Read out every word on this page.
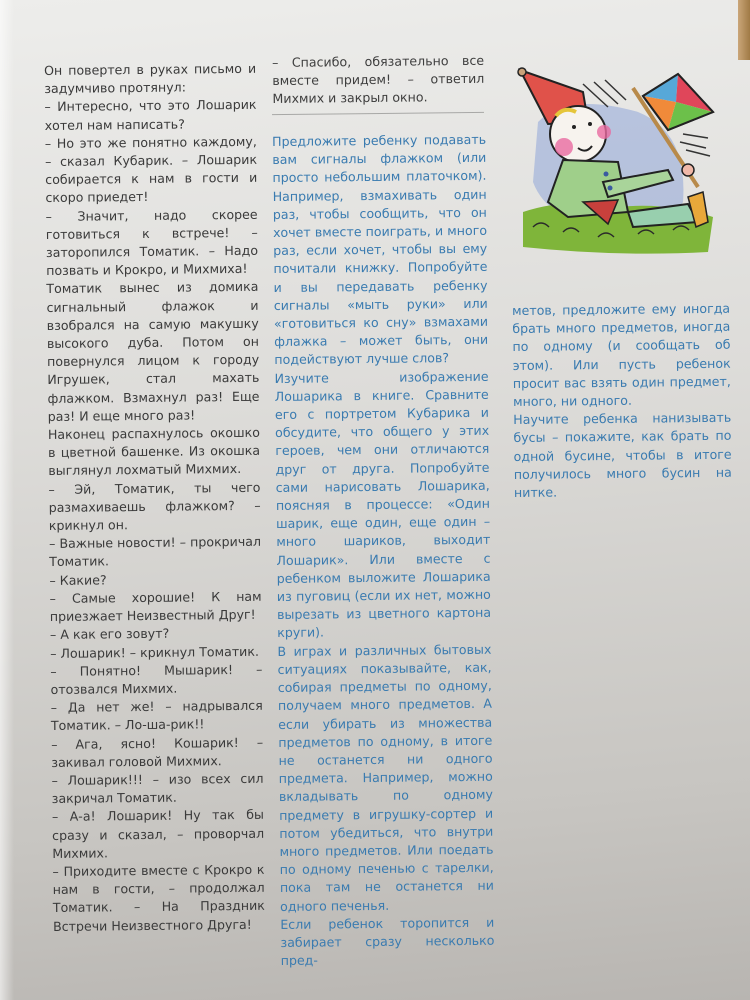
Он повертел в руках письмо и задумчиво протянул:

– Интересно, что это Лошарик хотел нам написать?

– Но это же понятно каждому, – сказал Кубарик. – Лошарик собирается к нам в гости и скоро приедет!

– Значит, надо скорее готовиться к встрече! – заторопился Томатик. – Надо позвать и Крокро, и Михмиха!

Томатик вынес из домика сигнальный флажок и взобрался на самую макушку высокого дуба. Потом он повернулся лицом к городу Игрушек, стал махать флажком. Взмахнул раз! Еще раз! И еще много раз!

Наконец распахнулось окошко в цветной башенке. Из окошка выглянул лохматый Михмих.

– Эй, Томатик, ты чего размахиваешь флажком? – крикнул он.

– Важные новости! – прокричал Томатик.

– Какие?

– Самые хорошие! К нам приезжает Неизвестный Друг!

– А как его зовут?

– Лошарик! – крикнул Томатик.

– Понятно! Мышарик! – отозвался Михмих.

– Да нет же! – надрывался Томатик. – Ло-ша-рик!!

– Ага, ясно! Кошарик! – закивал головой Михмих.

– Лошарик!!! – изо всех сил закричал Томатик.

– А-а! Лошарик! Ну так бы сразу и сказал, – проворчал Михмих.

– Приходите вместе с Крокро к нам в гости, – продолжал Томатик. – На Праздник Встречи Неизвестного Друга!

– Спасибо, обязательно все вместе придем! – ответил Михмих и закрыл окно.

Предложите ребенку подавать вам сигналы флажком (или просто небольшим платочком). Например, взмахивать один раз, чтобы сообщить, что он хочет вместе поиграть, и много раз, если хочет, чтобы вы ему почитали книжку. Попробуйте и вы передавать ребенку сигналы «мыть руки» или «готовиться ко сну» взмахами флажка – может быть, они подействуют лучше слов?

Изучите изображение Лошарика в книге. Сравните его с портретом Кубарика и обсудите, что общего у этих героев, чем они отличаются друг от друга. Попробуйте сами нарисовать Лошарика, поясняя в процессе: «Один шарик, еще один, еще один – много шариков, выходит Лошарик». Или вместе с ребенком выложите Лошарика из пуговиц (если их нет, можно вырезать из цветного картона круги).

В играх и различных бытовых ситуациях показывайте, как, собирая предметы по одному, получаем много предметов. А если убирать из множества предметов по одному, в итоге не останется ни одного предмета. Например, можно вкладывать по одному предмету в игрушку-сортер и потом убедиться, что внутри много предметов. Или поедать по одному печенью с тарелки, пока там не останется ни одного печенья.

Если ребенок торопится и забирает сразу несколько пред-

метов, предложите ему иногда брать много предметов, иногда по одному (и сообщать об этом). Или пусть ребенок просит вас взять один предмет, много, ни одного.

Научите ребенка нанизывать бусы – покажите, как брать по одной бусине, чтобы в итоге получилось много бусин на нитке.
